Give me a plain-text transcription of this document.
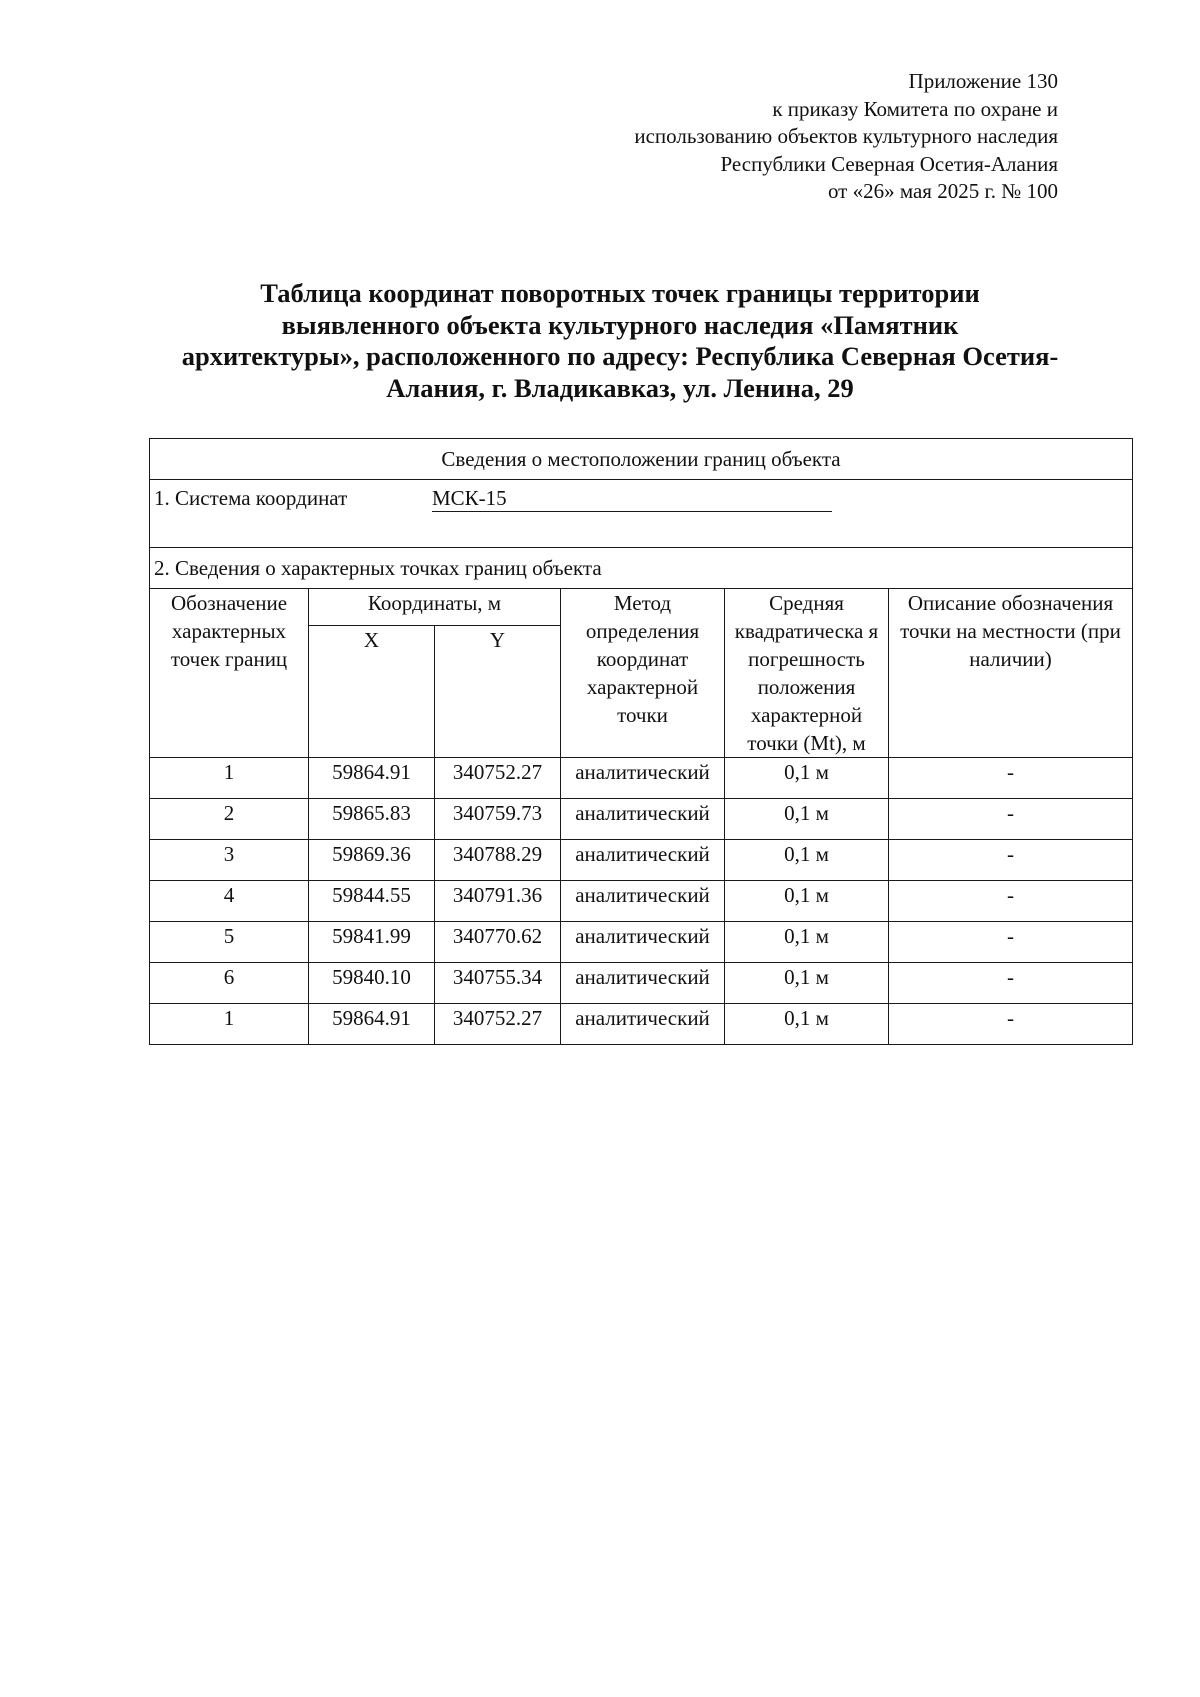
Приложение 130
к приказу Комитета по охране и
использованию объектов культурного наследия
Республики Северная Осетия-Алания
от «26» мая 2025 г. № 100
Таблица координат поворотных точек границы территории
выявленного объекта культурного наследия «Памятник
архитектуры», расположенного по адресу: Республика Северная Осетия-
Алания, г. Владикавказ, ул. Ленина, 29
Сведения о местоположении границ объекта					
1. Система координат МСК-15					
2. Сведения о характерных точках границ объекта					
Обозначение характерных точек границ	Координаты, м		Метод определения координат характерной точки	Средняя квадратическа я погрешность положения характерной точки (Mt), м	Описание обозначения точки на местности (при наличии)
	X	Y			
1	59864.91	340752.27	аналитический	0,1 м	-
2	59865.83	340759.73	аналитический	0,1 м	-
3	59869.36	340788.29	аналитический	0,1 м	-
4	59844.55	340791.36	аналитический	0,1 м	-
5	59841.99	340770.62	аналитический	0,1 м	-
6	59840.10	340755.34	аналитический	0,1 м	-
1	59864.91	340752.27	аналитический	0,1 м	-
